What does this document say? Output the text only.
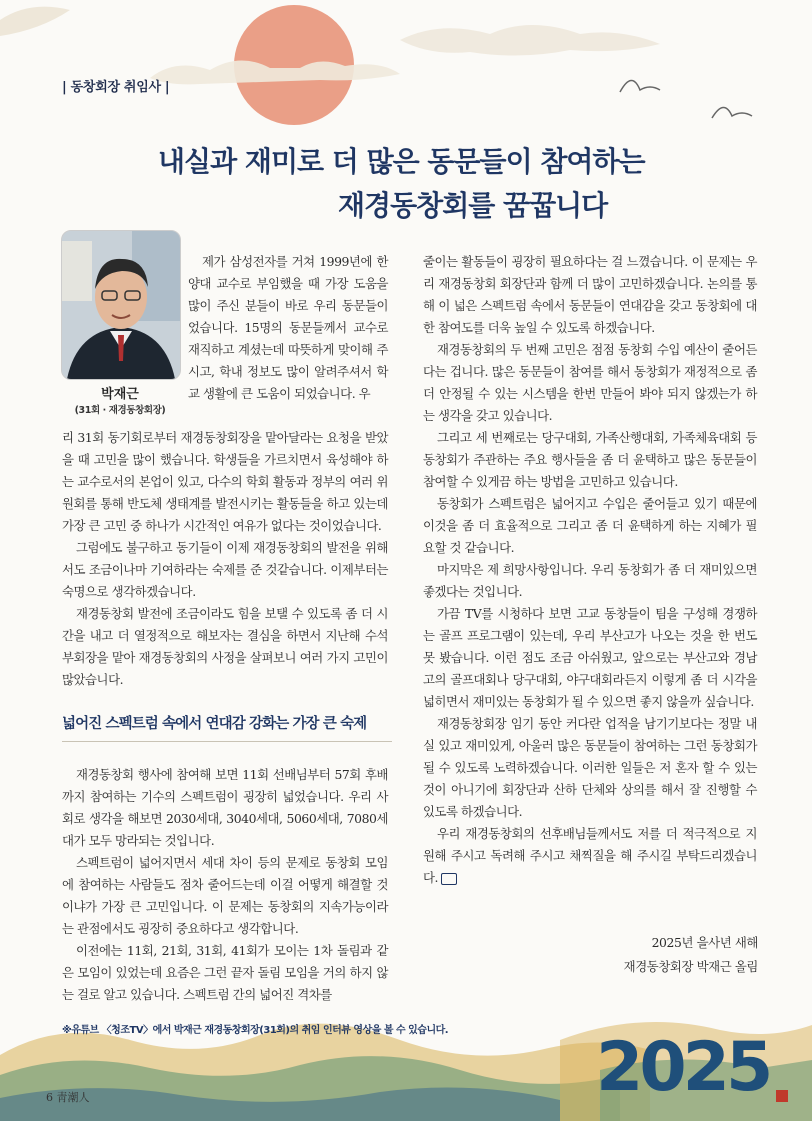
| 동창회장 취임사 |
내실과 재미로 더 많은 동문들이 참여하는
재경동창회를 꿈꿉니다
박재근
(31회 · 재경동창회장)

제가 삼성전자를 거쳐 1999년에 한양대 교수로 부임했을 때 가장 도움을 많이 주신 분들이 바로 우리 동문들이었습니다. 15명의 동문들께서 교수로 재직하고 계셨는데 따뜻하게 맞이해 주시고, 학내 정보도 많이 알려주셔서 학교 생활에 큰 도움이 되었습니다. 우

리 31회 동기회로부터 재경동창회장을 맡아달라는 요청을 받았을 때 고민을 많이 했습니다. 학생들을 가르치면서 육성해야 하는 교수로서의 본업이 있고, 다수의 학회 활동과 정부의 여러 위원회를 통해 반도체 생태계를 발전시키는 활동들을 하고 있는데 가장 큰 고민 중 하나가 시간적인 여유가 없다는 것이었습니다.

그럼에도 불구하고 동기들이 이제 재경동창회의 발전을 위해서도 조금이나마 기여하라는 숙제를 준 것같습니다. 이제부터는 숙명으로 생각하겠습니다.

재경동창회 발전에 조금이라도 힘을 보탤 수 있도록 좀 더 시간을 내고 더 열정적으로 해보자는 결심을 하면서 지난해 수석부회장을 맡아 재경동창회의 사정을 살펴보니 여러 가지 고민이 많았습니다.

넓어진 스펙트럼 속에서 연대감 강화는 가장 큰 숙제

재경동창회 행사에 참여해 보면 11회 선배님부터 57회 후배까지 참여하는 기수의 스펙트럼이 굉장히 넓었습니다. 우리 사회로 생각을 해보면 2030세대, 3040세대, 5060세대, 7080세대가 모두 망라되는 것입니다.

스펙트럼이 넓어지면서 세대 차이 등의 문제로 동창회 모임에 참여하는 사람들도 점차 줄어드는데 이걸 어떻게 해결할 것이냐가 가장 큰 고민입니다. 이 문제는 동창회의 지속가능이라는 관점에서도 굉장히 중요하다고 생각합니다.

이전에는 11회, 21회, 31회, 41회가 모이는 1차 돌림과 같은 모임이 있었는데 요즘은 그런 끝자 돌림 모임을 거의 하지 않는 걸로 알고 있습니다. 스펙트럼 간의 넓어진 격차를

줄이는 활동들이 굉장히 필요하다는 걸 느꼈습니다. 이 문제는 우리 재경동창회 회장단과 함께 더 많이 고민하겠습니다. 논의를 통해 이 넓은 스펙트럼 속에서 동문들이 연대감을 갖고 동창회에 대한 참여도를 더욱 높일 수 있도록 하겠습니다.

재경동창회의 두 번째 고민은 점점 동창회 수입 예산이 줄어든다는 겁니다. 많은 동문들이 참여를 해서 동창회가 재정적으로 좀 더 안정될 수 있는 시스템을 한번 만들어 봐야 되지 않겠는가 하는 생각을 갖고 있습니다.

그리고 세 번째로는 당구대회, 가족산행대회, 가족체육대회 등 동창회가 주관하는 주요 행사들을 좀 더 윤택하고 많은 동문들이 참여할 수 있게끔 하는 방법을 고민하고 있습니다.

동창회가 스펙트럼은 넓어지고 수입은 줄어들고 있기 때문에 이것을 좀 더 효율적으로 그리고 좀 더 윤택하게 하는 지혜가 필요할 것 같습니다.

마지막은 제 희망사항입니다. 우리 동창회가 좀 더 재미있으면 좋겠다는 것입니다.

가끔 TV를 시청하다 보면 고교 동창들이 팀을 구성해 경쟁하는 골프 프로그램이 있는데, 우리 부산고가 나오는 것을 한 번도 못 봤습니다. 이런 점도 조금 아쉬웠고, 앞으로는 부산고와 경남고의 골프대회나 당구대회, 야구대회라든지 이렇게 좀 더 시각을 넓히면서 재미있는 동창회가 될 수 있으면 좋지 않을까 싶습니다.

재경동창회장 임기 동안 커다란 업적을 남기기보다는 정말 내실 있고 재미있게, 아울러 많은 동문들이 참여하는 그런 동창회가 될 수 있도록 노력하겠습니다. 이러한 일들은 저 혼자 할 수 있는 것이 아니기에 회장단과 산하 단체와 상의를 해서 잘 진행할 수 있도록 하겠습니다.

우리 재경동창회의 선후배님들께서도 저를 더 적극적으로 지원해 주시고 독려해 주시고 채찍질을 해 주시길 부탁드리겠습니다.

2025년 을사년 새해
재경동창회장 박재근 올림
※유튜브 〈청조TV〉에서 박재근 재경동창회장(31회)의 취임 인터뷰 영상을 볼 수 있습니다.
6 靑潮人	2025
